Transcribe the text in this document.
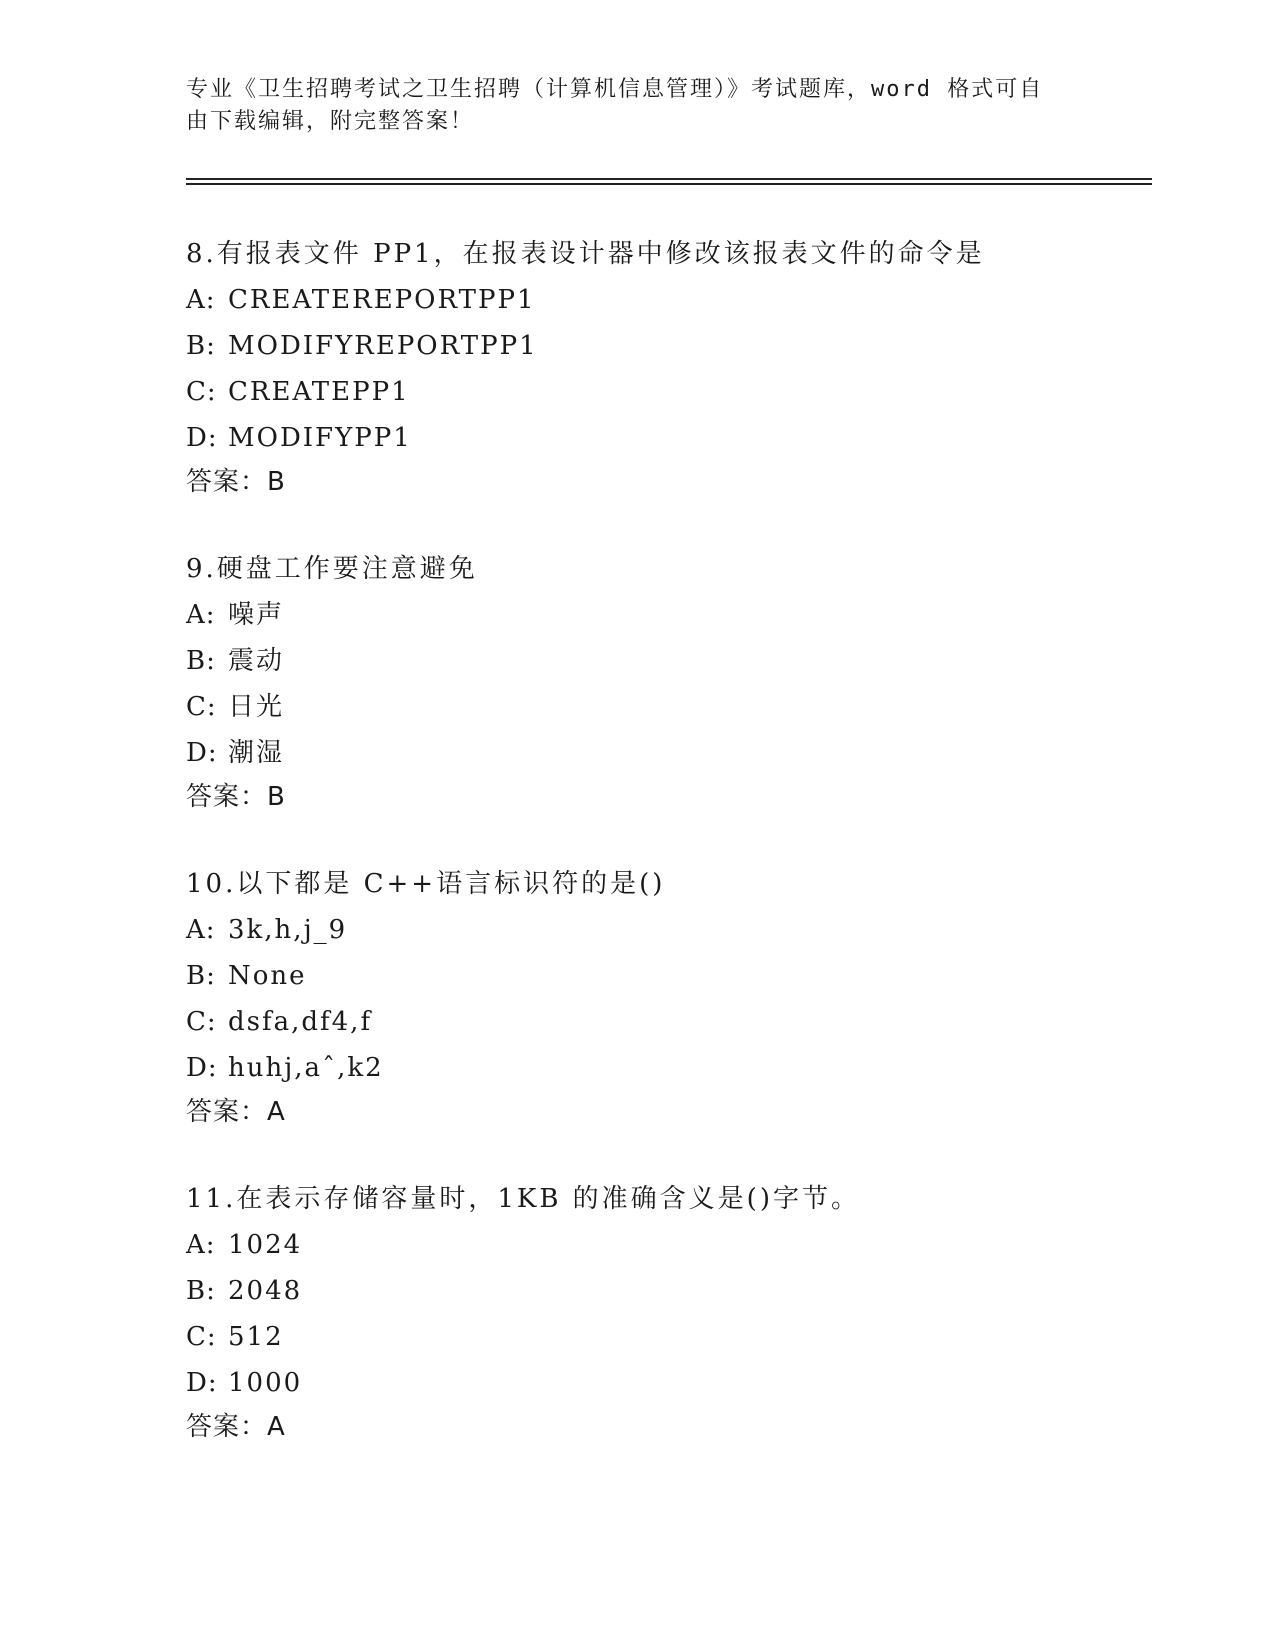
专业《卫生招聘考试之卫生招聘（计算机信息管理）》考试题库，word 格式可自
由下载编辑，附完整答案！
8.有报表文件 PP1，在报表设计器中修改该报表文件的命令是
A: CREATEREPORTPP1
B: MODIFYREPORTPP1
C: CREATEPP1
D: MODIFYPP1
答案：B
9.硬盘工作要注意避免
A: 噪声
B: 震动
C: 日光
D: 潮湿
答案：B
10.以下都是 C++语言标识符的是()
A: 3k,h,j_9
B: None
C: dsfa,df4,f
D: huhj,aˆ,k2
答案：A
11.在表示存储容量时，1KB 的准确含义是()字节。
A: 1024
B: 2048
C: 512
D: 1000
答案：A
